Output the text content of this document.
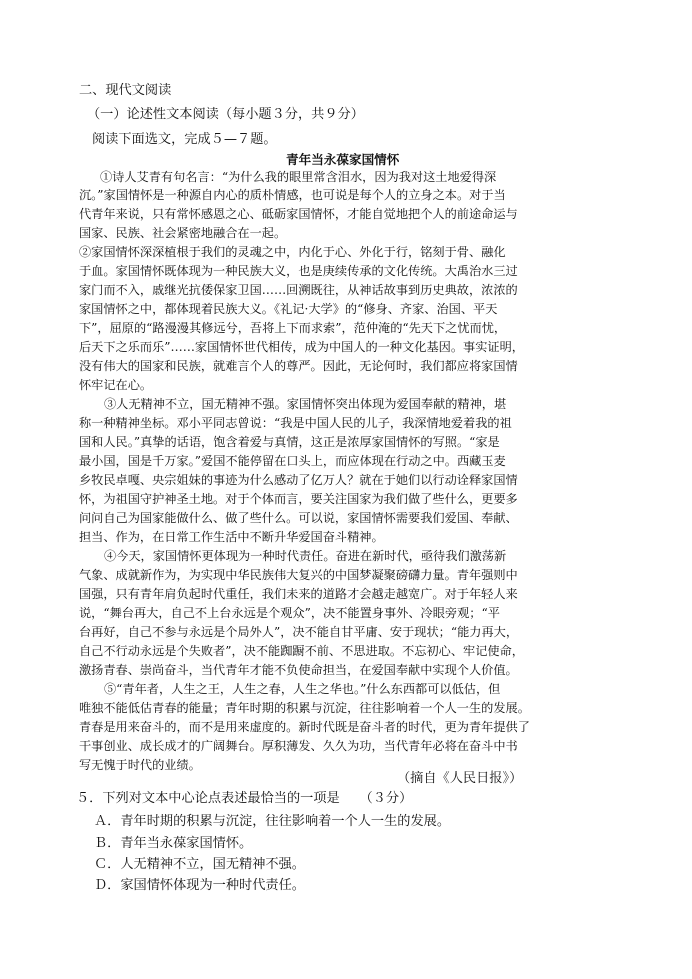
二、现代文阅读
（一）论述性文本阅读（每小题３分，共９分）
阅读下面选文，完成５—７题。
青年当永葆家国情怀
①诗人艾青有句名言：“为什么我的眼里常含泪水，因为我对这土地爱得深
沉。”家国情怀是一种源自内心的质朴情感，也可说是每个人的立身之本。对于当
代青年来说，只有常怀感恩之心、砥砺家国情怀，才能自觉地把个人的前途命运与
国家、民族、社会紧密地融合在一起。
②家国情怀深深植根于我们的灵魂之中，内化于心、外化于行，铭刻于骨、融化
于血。家国情怀既体现为一种民族大义，也是庚续传承的文化传统。大禹治水三过
家门而不入，戚继光抗倭保家卫国……回溯既往，从神话故事到历史典故，浓浓的
家国情怀之中，都体现着民族大义。《礼记·大学》的“修身、齐家、治国、平天
下”，屈原的“路漫漫其修远兮，吾将上下而求索”，范仲淹的“先天下之忧而忧，
后天下之乐而乐”……家国情怀世代相传，成为中国人的一种文化基因。事实证明，
没有伟大的国家和民族，就难言个人的尊严。因此，无论何时，我们都应将家国情
怀牢记在心。
③人无精神不立，国无精神不强。家国情怀突出体现为爱国奉献的精神，堪
称一种精神坐标。邓小平同志曾说：“我是中国人民的儿子，我深情地爱着我的祖
国和人民。”真挚的话语，饱含着爱与真情，这正是浓厚家国情怀的写照。“家是
最小国，国是千万家。”爱国不能停留在口头上，而应体现在行动之中。西藏玉麦
乡牧民卓嘎、央宗姐妹的事迹为什么感动了亿万人？就在于她们以行动诠释家国情
怀，为祖国守护神圣土地。对于个体而言，要关注国家为我们做了些什么，更要多
问问自己为国家能做什么、做了些什么。可以说，家国情怀需要我们爱国、奉献、
担当、作为，在日常工作生活中不断升华爱国奋斗精神。
④今天，家国情怀更体现为一种时代责任。奋进在新时代，亟待我们激荡新
气象、成就新作为，为实现中华民族伟大复兴的中国梦凝聚磅礴力量。青年强则中
国强，只有青年肩负起时代重任，我们未来的道路才会越走越宽广。对于年轻人来
说，“舞台再大，自己不上台永远是个观众”，决不能置身事外、冷眼旁观；“平
台再好，自己不参与永远是个局外人”，决不能自甘平庸、安于现状；“能力再大，
自己不行动永远是个失败者”，决不能踟蹰不前、不思进取。不忘初心、牢记使命，
激扬青春、崇尚奋斗，当代青年才能不负使命担当，在爱国奉献中实现个人价值。
⑤“青年者，人生之王，人生之春，人生之华也。”什么东西都可以低估，但
唯独不能低估青春的能量；青年时期的积累与沉淀，往往影响着一个人一生的发展。
青春是用来奋斗的，而不是用来虚度的。新时代既是奋斗者的时代，更为青年提供了
干事创业、成长成才的广阔舞台。厚积薄发、久久为功，当代青年必将在奋斗中书
写无愧于时代的业绩。
（摘自《人民日报》）
５．下列对文本中心论点表述最恰当的一项是　　（３分）
Ａ．青年时期的积累与沉淀，往往影响着一个人一生的发展。
Ｂ．青年当永葆家国情怀。
Ｃ．人无精神不立，国无精神不强。
Ｄ．家国情怀体现为一种时代责任。
